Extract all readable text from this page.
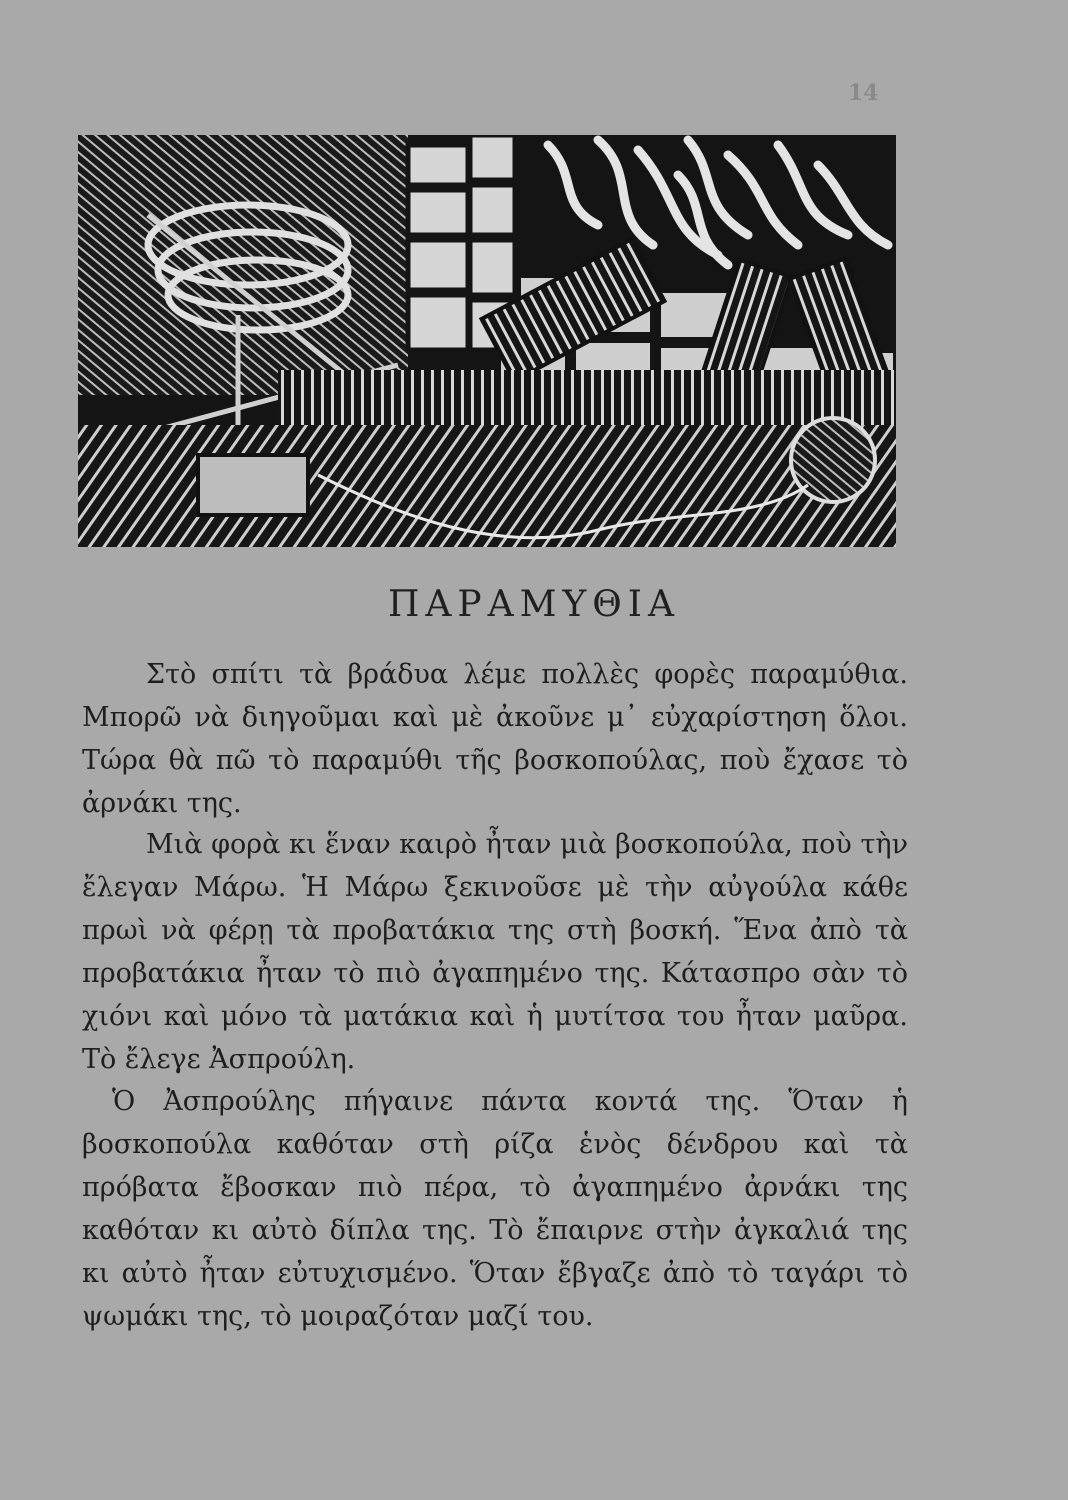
14
ΠΑΡΑΜΥΘΙΑ

Στὸ σπίτι τὰ βράδυα λέμε πολλὲς φορὲς παραμύθια. Μπορῶ νὰ διηγοῦμαι καὶ μὲ ἀκοῦνε μ᾽ εὐχαρίστηση ὅλοι. Τώρα θὰ πῶ τὸ παραμύθι τῆς βοσκοπούλας, ποὺ ἔχασε τὸ ἀρνάκι της.

Μιὰ φορὰ κι ἕναν καιρὸ ἦταν μιὰ βοσκοπούλα, ποὺ τὴν ἔλεγαν Μάρω. Ἡ Μάρω ξεκινοῦσε μὲ τὴν αὐγούλα κάθε πρωὶ νὰ φέρῃ τὰ προβατάκια της στὴ βοσκή. Ἕνα ἀπὸ τὰ προβατάκια ἦταν τὸ πιὸ ἀγαπημένο της. Κάτασπρο σὰν τὸ χιόνι καὶ μόνο τὰ ματάκια καὶ ἡ μυτίτσα του ἦταν μαῦρα. Τὸ ἔλεγε Ἀσπρούλη.

Ὁ Ἀσπρούλης πήγαινε πάντα κοντά της. Ὅταν ἡ βοσκοπούλα καθόταν στὴ ρίζα ἑνὸς δένδρου καὶ τὰ πρόβατα ἔβοσκαν πιὸ πέρα, τὸ ἀγαπημένο ἀρνάκι της καθόταν κι αὐτὸ δίπλα της. Τὸ ἔπαιρνε στὴν ἀγκαλιά της κι αὐτὸ ἦταν εὐτυχισμένο. Ὅταν ἔβγαζε ἀπὸ τὸ ταγάρι τὸ ψωμάκι της, τὸ μοιραζόταν μαζί του.
